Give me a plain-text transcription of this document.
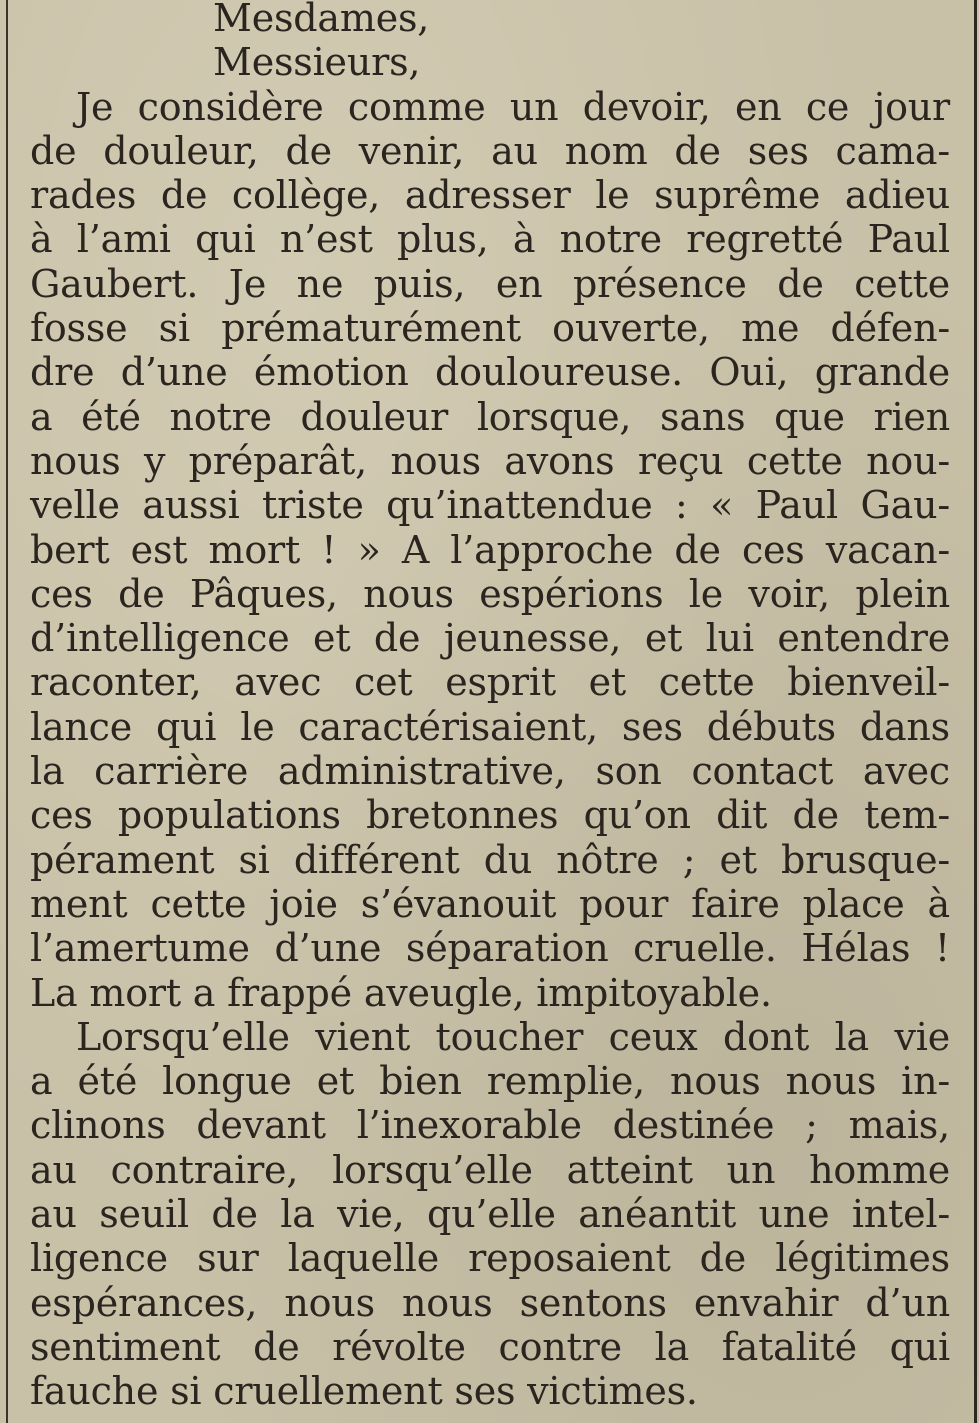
Mesdames,
Messieurs,
Je considère comme un devoir, en ce jour
de douleur, de venir, au nom de ses cama-
rades de collège, adresser le suprême adieu
à l’ami qui n’est plus, à notre regretté Paul
Gaubert. Je ne puis, en présence de cette
fosse si prématurément ouverte, me défen-
dre d’une émotion douloureuse. Oui, grande
a été notre douleur lorsque, sans que rien
nous y préparât, nous avons reçu cette nou-
velle aussi triste qu’inattendue : « Paul Gau-
bert est mort ! » A l’approche de ces vacan-
ces de Pâques, nous espérions le voir, plein
d’intelligence et de jeunesse, et lui entendre
raconter, avec cet esprit et cette bienveil-
lance qui le caractérisaient, ses débuts dans
la carrière administrative, son contact avec
ces populations bretonnes qu’on dit de tem-
pérament si différent du nôtre ; et brusque-
ment cette joie s’évanouit pour faire place à
l’amertume d’une séparation cruelle. Hélas !
La mort a frappé aveugle, impitoyable.
Lorsqu’elle vient toucher ceux dont la vie
a été longue et bien remplie, nous nous in-
clinons devant l’inexorable destinée ; mais,
au contraire, lorsqu’elle atteint un homme
au seuil de la vie, qu’elle anéantit une intel-
ligence sur laquelle reposaient de légitimes
espérances, nous nous sentons envahir d’un
sentiment de révolte contre la fatalité qui
fauche si cruellement ses victimes.
